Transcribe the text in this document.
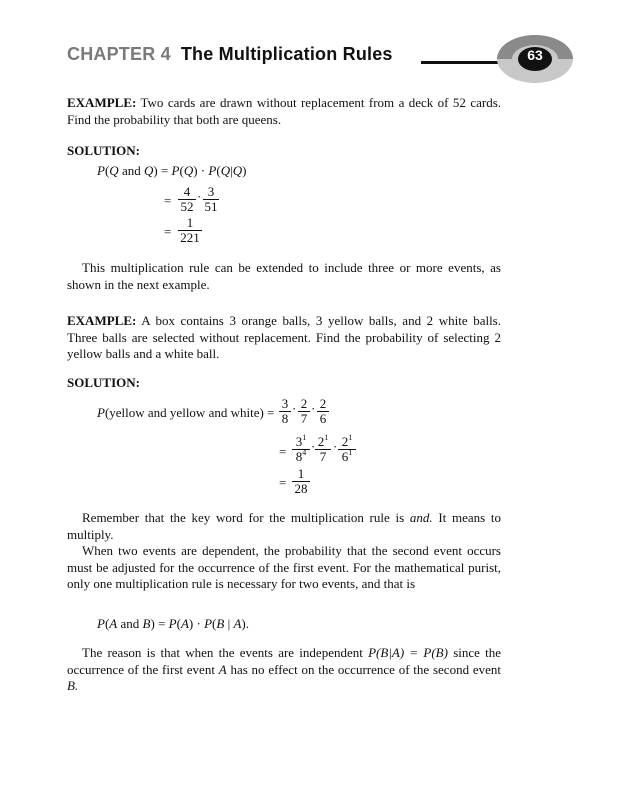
CHAPTER 4 The Multiplication Rules	63
EXAMPLE: Two cards are drawn without replacement from a deck of 52 cards. Find the probability that both are queens.
SOLUTION:
P(Q and Q) = P(Q) · P(Q|Q)
= $\frac{4}{52} \cdot \frac{3}{51}$
= $\frac{1}{221}$
This multiplication rule can be extended to include three or more events, as shown in the next example.
EXAMPLE: A box contains 3 orange balls, 3 yellow balls, and 2 white balls. Three balls are selected without replacement. Find the probability of selecting 2 yellow balls and a white ball.
SOLUTION:
P(yellow and yellow and white) = $\frac{3}{8} \cdot \frac{2}{7} \cdot \frac{2}{6}$
= $\frac{3^1}{8^4} \cdot \frac{2^1}{7} \cdot \frac{2^1}{6^1}$
= $\frac{1}{28}$
Remember that the key word for the multiplication rule is and. It means to multiply.
When two events are dependent, the probability that the second event occurs must be adjusted for the occurrence of the first event. For the mathematical purist, only one multiplication rule is necessary for two events, and that is
P(A and B) = P(A) · P(B | A).
The reason is that when the events are independent P(B|A) = P(B) since the occurrence of the first event A has no effect on the occurrence of the second event B.
